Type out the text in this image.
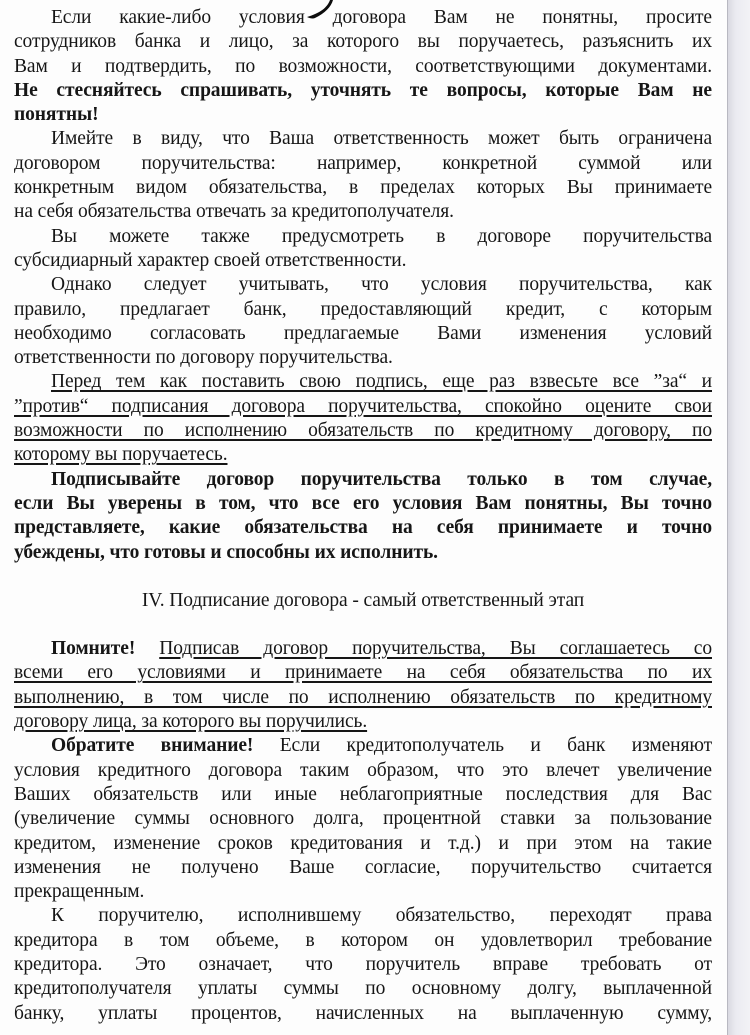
Если какие-либо условия договора Вам не понятны, просите
сотрудников банка и лицо, за которого вы поручаетесь, разъяснить их
Вам и подтвердить, по возможности, соответствующими документами.
Не стесняйтесь спрашивать, уточнять те вопросы, которые Вам не
понятны!
Имейте в виду, что Ваша ответственность может быть ограничена
договором поручительства: например, конкретной суммой или
конкретным видом обязательства, в пределах которых Вы принимаете
на себя обязательства отвечать за кредитополучателя.
Вы можете также предусмотреть в договоре поручительства
субсидиарный характер своей ответственности.
Однако следует учитывать, что условия поручительства, как
правило, предлагает банк, предоставляющий кредит, с которым
необходимо согласовать предлагаемые Вами изменения условий
ответственности по договору поручительства.
Перед тем как поставить свою подпись, еще раз взвесьте все ”за“ и
”против“ подписания договора поручительства, спокойно оцените свои
возможности по исполнению обязательств по кредитному договору, по
которому вы поручаетесь.
Подписывайте договор поручительства только в том случае,
если Вы уверены в том, что все его условия Вам понятны, Вы точно
представляете, какие обязательства на себя принимаете и точно
убеждены, что готовы и способны их исполнить.
IV. Подписание договора - самый ответственный этап
Помните! Подписав договор поручительства, Вы соглашаетесь со
всеми его условиями и принимаете на себя обязательства по их
выполнению, в том числе по исполнению обязательств по кредитному
договору лица, за которого вы поручились.
Обратите внимание! Если кредитополучатель и банк изменяют
условия кредитного договора таким образом, что это влечет увеличение
Ваших обязательств или иные неблагоприятные последствия для Вас
(увеличение суммы основного долга, процентной ставки за пользование
кредитом, изменение сроков кредитования и т.д.) и при этом на такие
изменения не получено Ваше согласие, поручительство считается
прекращенным.
К поручителю, исполнившему обязательство, переходят права
кредитора в том объеме, в котором он удовлетворил требование
кредитора. Это означает, что поручитель вправе требовать от
кредитополучателя уплаты суммы по основному долгу, выплаченной
банку, уплаты процентов, начисленных на выплаченную сумму,
